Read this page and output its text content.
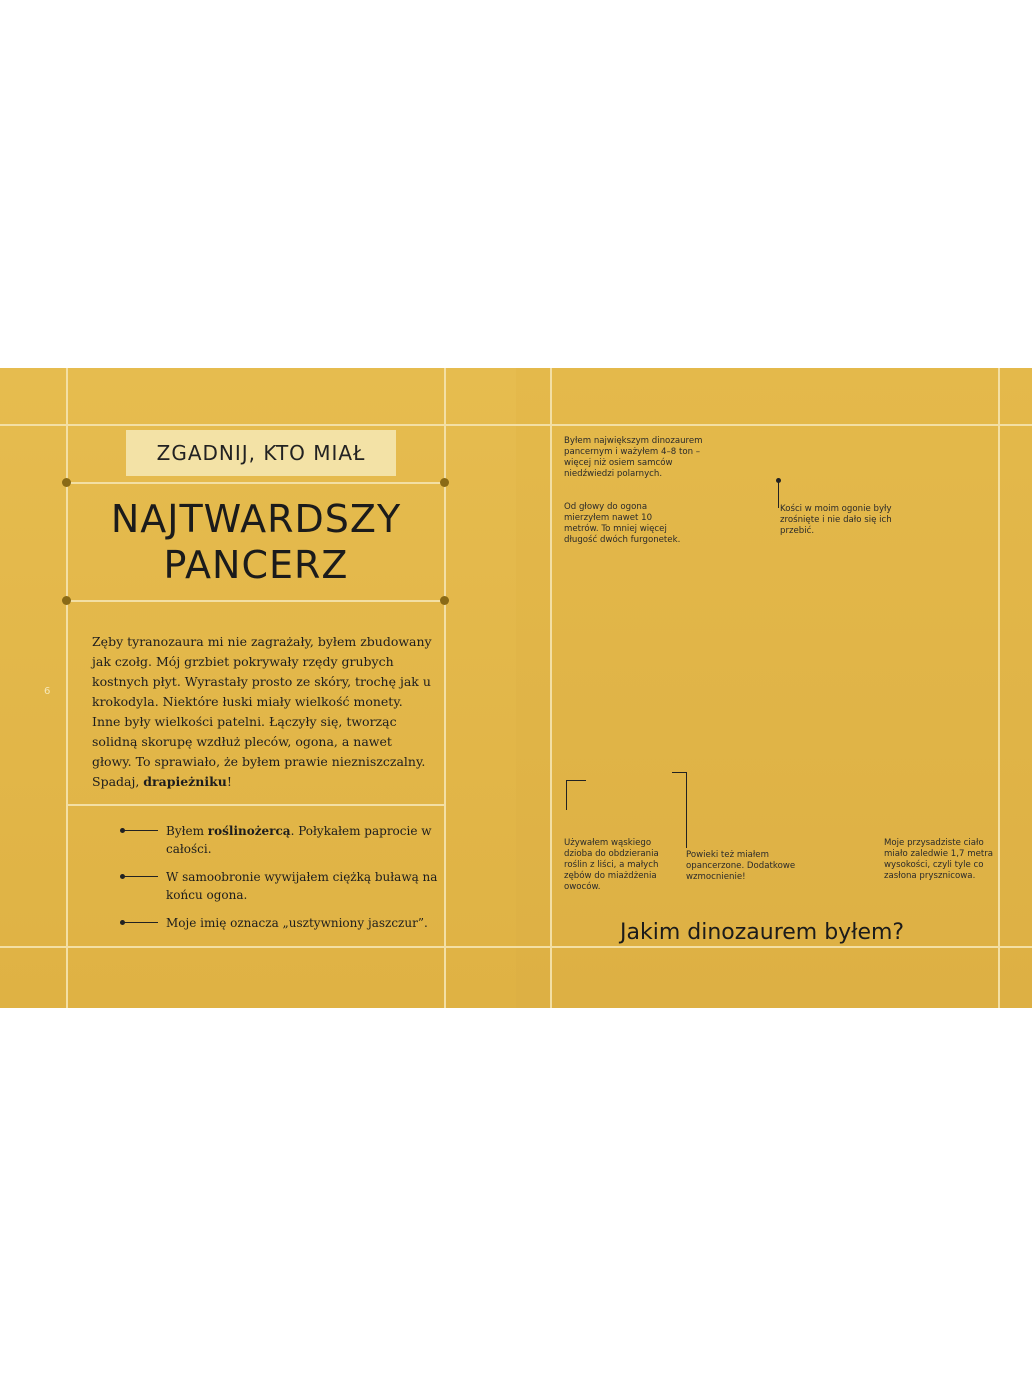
ZGADNIJ, KTO MIAŁ
NAJTWARDSZY
PANCERZ
6
Zęby tyranozaura mi nie zagrażały, byłem zbudowany jak czołg. Mój grzbiet pokrywały rzędy grubych kostnych płyt. Wyrastały prosto ze skóry, trochę jak u krokodyla. Niektóre łuski miały wielkość monety. Inne były wielkości patelni. Łączyły się, tworząc solidną skorupę wzdłuż pleców, ogona, a nawet głowy. To sprawiało, że byłem prawie niezniszczalny. Spadaj, drapieżniku!
Byłem roślinożercą. Połykałem paprocie w całości.
W samoobronie wywijałem ciężką buławą na końcu ogona.
Moje imię oznacza „usztywniony jaszczur”.
Byłem największym dinozaurem pancernym i ważyłem 4–8 ton – więcej niż osiem samców niedźwiedzi polarnych.
Od głowy do ogona mierzyłem nawet 10 metrów. To mniej więcej długość dwóch furgonetek.
Kości w moim ogonie były zrośnięte i nie dało się ich przebić.
Używałem wąskiego dzioba do obdzierania roślin z liści, a małych zębów do miażdżenia owoców.
Powieki też miałem opancerzone. Dodatkowe wzmocnienie!
Moje przysadziste ciało miało zaledwie 1,7 metra wysokości, czyli tyle co zasłona prysznicowa.
Jakim dinozaurem byłem?
